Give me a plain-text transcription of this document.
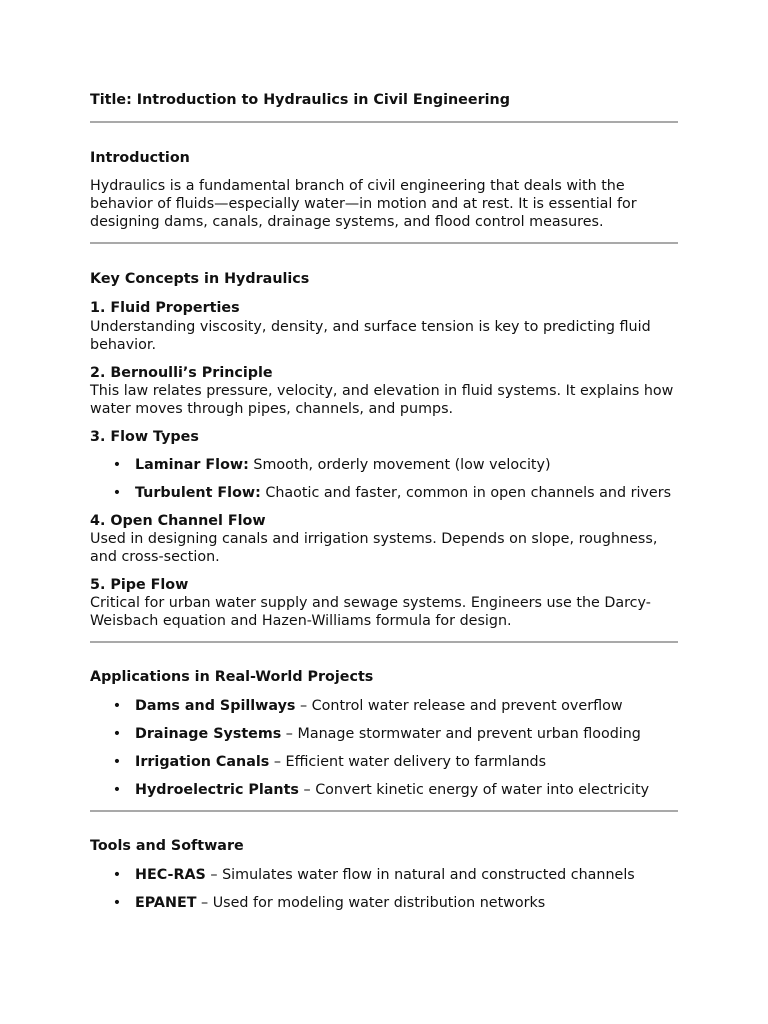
Title: Introduction to Hydraulics in Civil Engineering

Introduction

Hydraulics is a fundamental branch of civil engineering that deals with the behavior of fluids—especially water—in motion and at rest. It is essential for designing dams, canals, drainage systems, and flood control measures.

Key Concepts in Hydraulics

1. Fluid Properties

Understanding viscosity, density, and surface tension is key to predicting fluid behavior.

2. Bernoulli’s Principle

This law relates pressure, velocity, and elevation in fluid systems. It explains how water moves through pipes, channels, and pumps.

3. Flow Types

• Laminar Flow: Smooth, orderly movement (low velocity)
• Turbulent Flow: Chaotic and faster, common in open channels and rivers

4. Open Channel Flow

Used in designing canals and irrigation systems. Depends on slope, roughness, and cross-section.

5. Pipe Flow

Critical for urban water supply and sewage systems. Engineers use the Darcy-Weisbach equation and Hazen-Williams formula for design.

Applications in Real-World Projects

• Dams and Spillways – Control water release and prevent overflow
• Drainage Systems – Manage stormwater and prevent urban flooding
• Irrigation Canals – Efficient water delivery to farmlands
• Hydroelectric Plants – Convert kinetic energy of water into electricity

Tools and Software

• HEC-RAS – Simulates water flow in natural and constructed channels
• EPANET – Used for modeling water distribution networks
